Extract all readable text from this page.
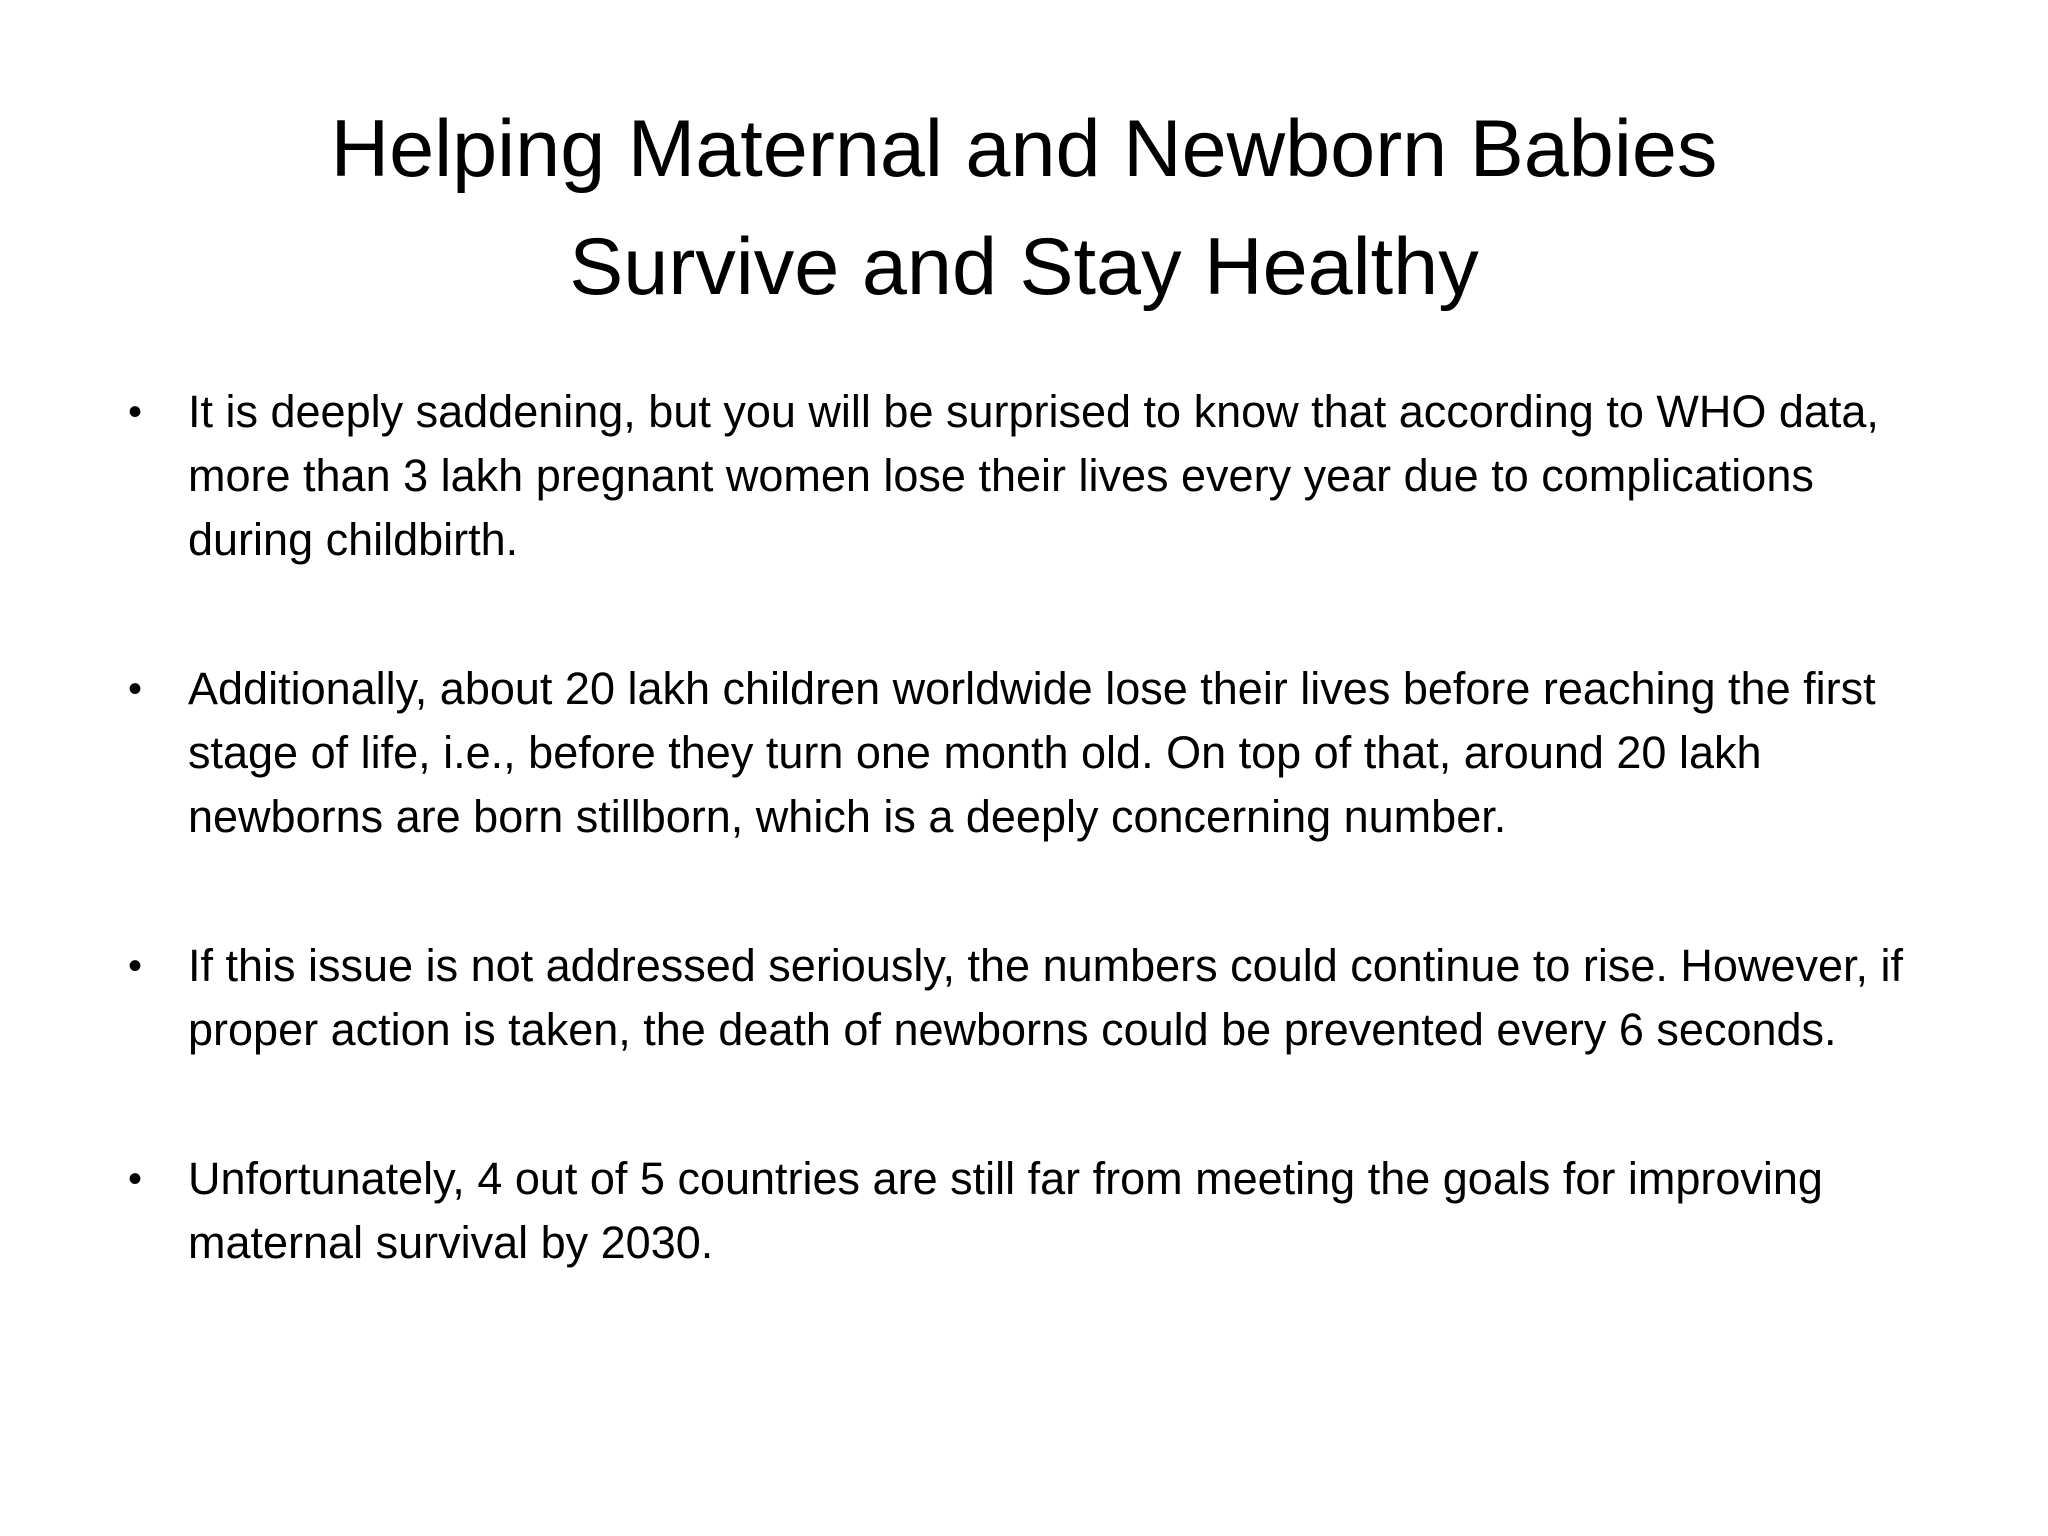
Helping Maternal and Newborn Babies
Survive and Stay Healthy
• It is deeply saddening, but you will be surprised to know that according to WHO data, more than 3 lakh pregnant women lose their lives every year due to complications during childbirth.
• Additionally, about 20 lakh children worldwide lose their lives before reaching the first stage of life, i.e., before they turn one month old. On top of that, around 20 lakh newborns are born stillborn, which is a deeply concerning number.
• If this issue is not addressed seriously, the numbers could continue to rise. However, if proper action is taken, the death of newborns could be prevented every 6 seconds.
• Unfortunately, 4 out of 5 countries are still far from meeting the goals for improving maternal survival by 2030.
